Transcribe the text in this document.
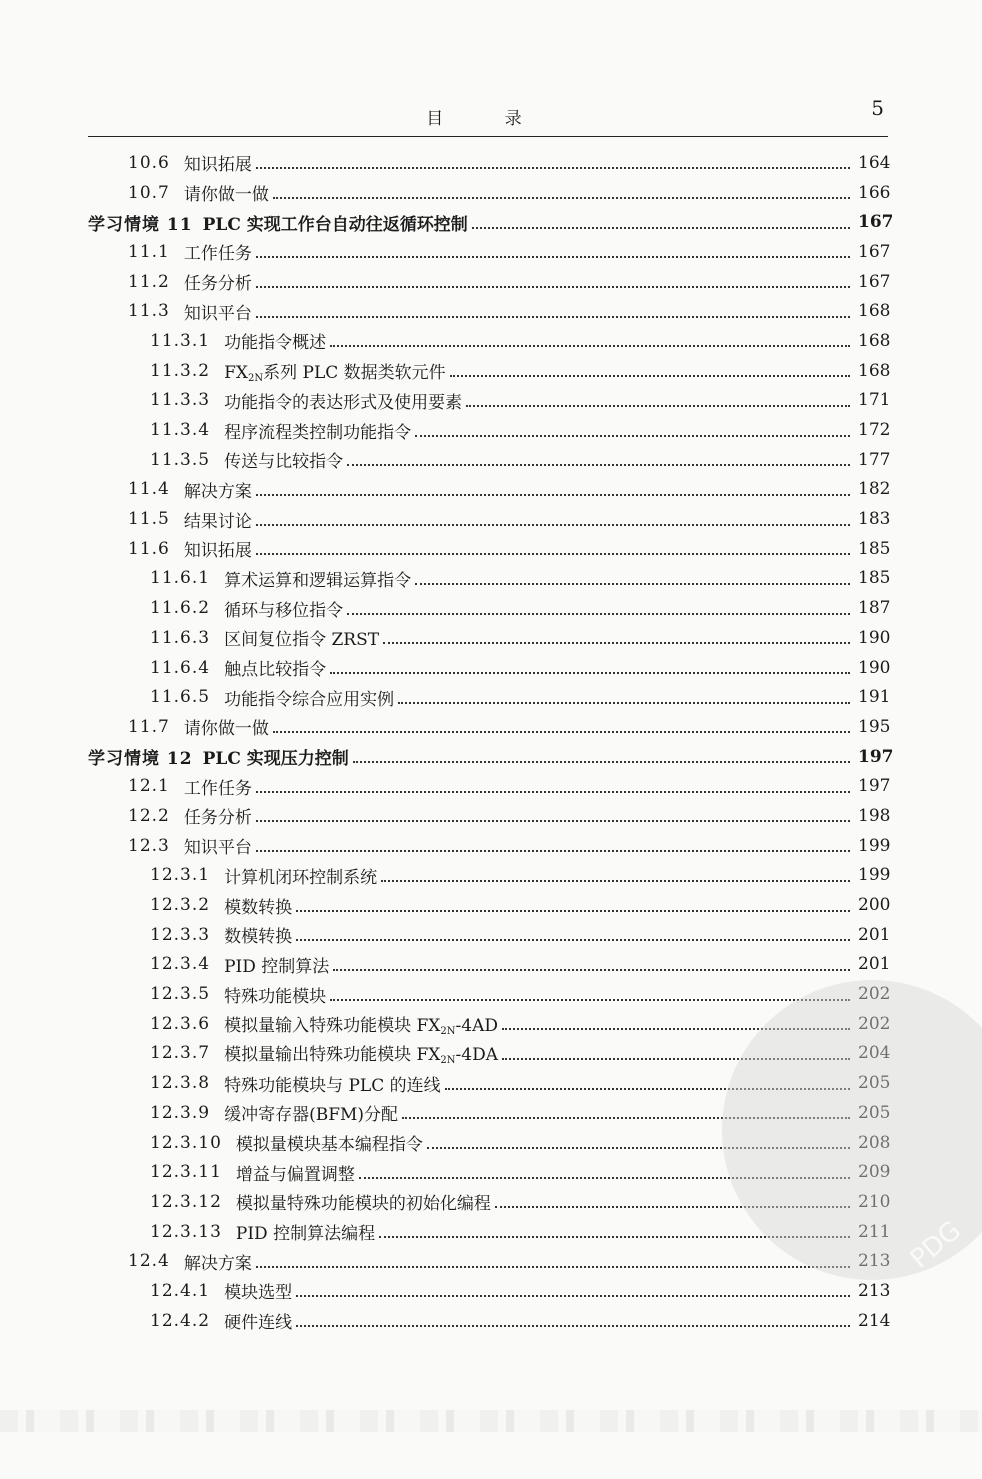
目 录	5
10.6 知识拓展	164
10.7 请你做一做	166
学习情境 11 PLC 实现工作台自动往返循环控制	167
11.1 工作任务	167
11.2 任务分析	167
11.3 知识平台	168
11.3.1 功能指令概述	168
11.3.2 $FX_{2N}$系列 PLC 数据类软元件	168
11.3.3 功能指令的表达形式及使用要素	171
11.3.4 程序流程类控制功能指令	172
11.3.5 传送与比较指令	177
11.4 解决方案	182
11.5 结果讨论	183
11.6 知识拓展	185
11.6.1 算术运算和逻辑运算指令	185
11.6.2 循环与移位指令	187
11.6.3 区间复位指令 ZRST	190
11.6.4 触点比较指令	190
11.6.5 功能指令综合应用实例	191
11.7 请你做一做	195
学习情境 12 PLC 实现压力控制	197
12.1 工作任务	197
12.2 任务分析	198
12.3 知识平台	199
12.3.1 计算机闭环控制系统	199
12.3.2 模数转换	200
12.3.3 数模转换	201
12.3.4 PID 控制算法	201
12.3.5 特殊功能模块	202
12.3.6 模拟量输入特殊功能模块 $FX_{2N}-4AD$	202
12.3.7 模拟量输出特殊功能模块 $FX_{2N}-4DA$	204
12.3.8 特殊功能模块与 PLC 的连线	205
12.3.9 缓冲寄存器(BFM)分配	205
12.3.10 模拟量模块基本编程指令	208
12.3.11 增益与偏置调整	209
12.3.12 模拟量特殊功能模块的初始化编程	210
12.3.13 PID 控制算法编程	211
12.4 解决方案	213
12.4.1 模块选型	213
12.4.2 硬件连线	214
PDG
